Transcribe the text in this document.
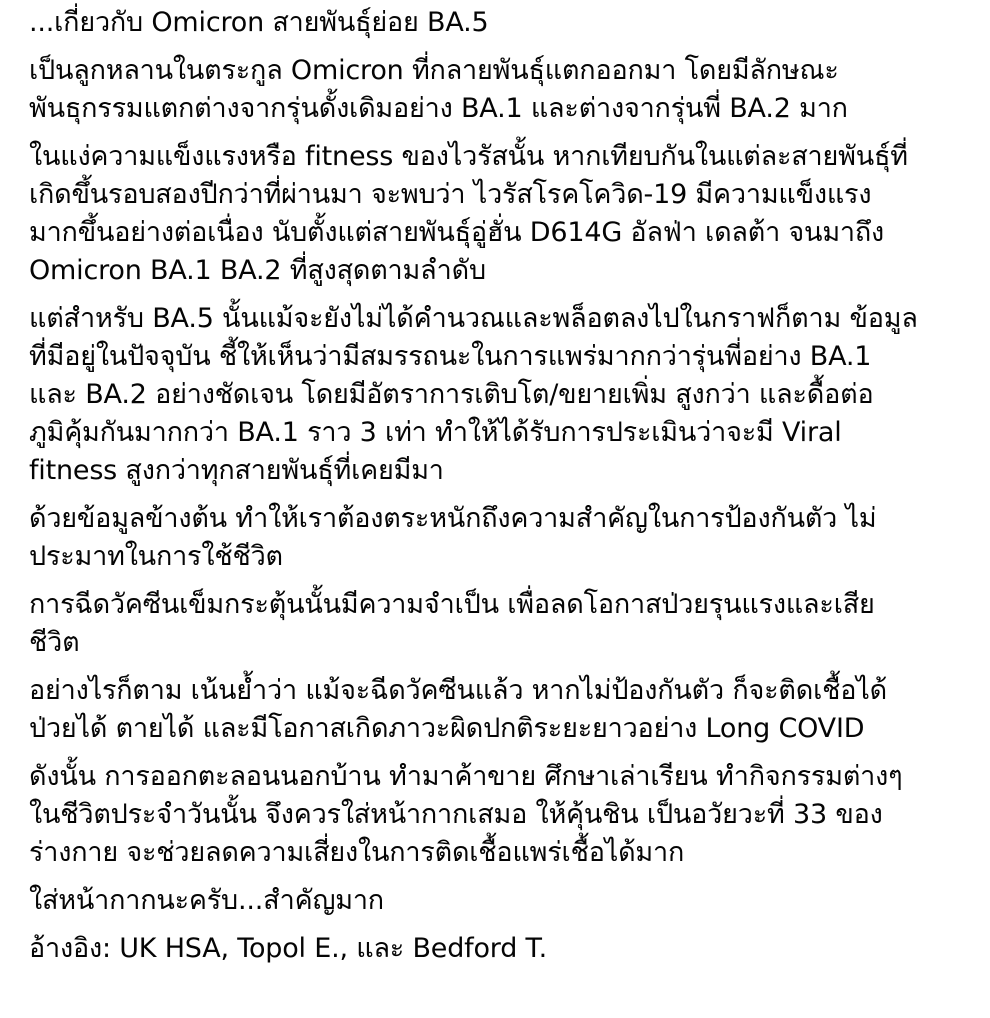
...เกี่ยวกับ Omicron สายพันธุ์ย่อย BA.5
เป็นลูกหลานในตระกูล Omicron ที่กลายพันธุ์แตกออกมา โดยมีลักษณะ
พันธุกรรมแตกต่างจากรุ่นดั้งเดิมอย่าง BA.1 และต่างจากรุ่นพี่ BA.2 มาก
ในแง่ความแข็งแรงหรือ fitness ของไวรัสนั้น หากเทียบกันในแต่ละสายพันธุ์ที่
เกิดขึ้นรอบสองปีกว่าที่ผ่านมา จะพบว่า ไวรัสโรคโควิด-19 มีความแข็งแรง
มากขึ้นอย่างต่อเนื่อง นับตั้งแต่สายพันธุ์อู่ฮั่น D614G อัลฟ่า เดลต้า จนมาถึง
Omicron BA.1 BA.2 ที่สูงสุดตามลำดับ
แต่สำหรับ BA.5 นั้นแม้จะยังไม่ได้คำนวณและพล็อตลงไปในกราฟก็ตาม ข้อมูล
ที่มีอยู่ในปัจจุบัน ชี้ให้เห็นว่ามีสมรรถนะในการแพร่มากกว่ารุ่นพี่อย่าง BA.1
และ BA.2 อย่างชัดเจน โดยมีอัตราการเติบโต/ขยายเพิ่ม สูงกว่า และดื้อต่อ
ภูมิคุ้มกันมากกว่า BA.1 ราว 3 เท่า ทำให้ได้รับการประเมินว่าจะมี Viral
fitness สูงกว่าทุกสายพันธุ์ที่เคยมีมา
ด้วยข้อมูลข้างต้น ทำให้เราต้องตระหนักถึงความสำคัญในการป้องกันตัว ไม่
ประมาทในการใช้ชีวิต
การฉีดวัคซีนเข็มกระตุ้นนั้นมีความจำเป็น เพื่อลดโอกาสป่วยรุนแรงและเสีย
ชีวิต
อย่างไรก็ตาม เน้นย้ำว่า แม้จะฉีดวัคซีนแล้ว หากไม่ป้องกันตัว ก็จะติดเชื้อได้
ป่วยได้ ตายได้ และมีโอกาสเกิดภาวะผิดปกติระยะยาวอย่าง Long COVID
ดังนั้น การออกตะลอนนอกบ้าน ทำมาค้าขาย ศึกษาเล่าเรียน ทำกิจกรรมต่างๆ
ในชีวิตประจำวันนั้น จึงควรใส่หน้ากากเสมอ ให้คุ้นชิน เป็นอวัยวะที่ 33 ของ
ร่างกาย จะช่วยลดความเสี่ยงในการติดเชื้อแพร่เชื้อได้มาก
ใส่หน้ากากนะครับ...สำคัญมาก
อ้างอิง: UK HSA, Topol E., และ Bedford T.
